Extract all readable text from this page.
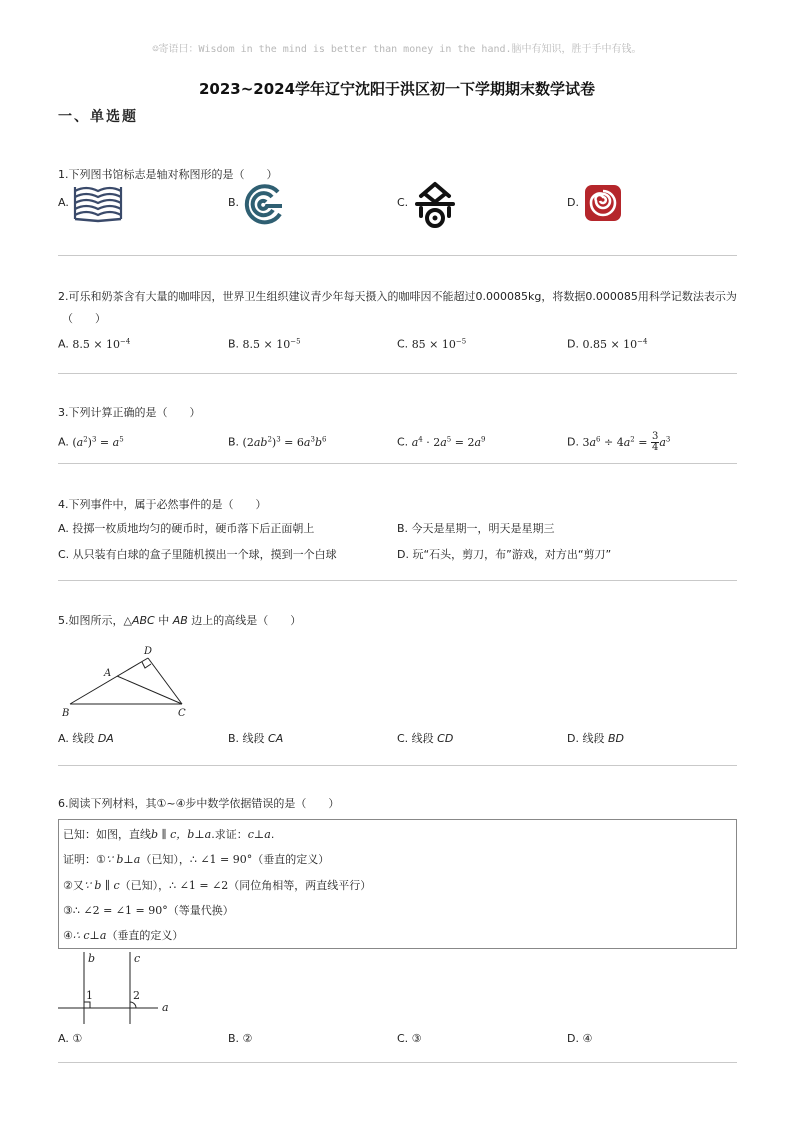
☺寄语曰：Wisdom in the mind is better than money in the hand.脑中有知识，胜于手中有钱。
2023~2024学年辽宁沈阳于洪区初一下学期期末数学试卷
一、单选题
1.下列图书馆标志是轴对称图形的是（　　）
A.	B.	C.	D.
2.可乐和奶茶含有大量的咖啡因，世界卫生组织建议青少年每天摄入的咖啡因不能超过0.000085kg，将数据0.000085用科学记数法表示为
（　　）
A. $8.5 \times 10^{-4}$	B. $8.5 \times 10^{-5}$	C. $85 \times 10^{-5}$	D. $0.85 \times 10^{-4}$
3.下列计算正确的是（　　）
A. $(a^2)^3 = a^5$	B. $(2ab^2)^3 = 6a^3b^6$	C. $a^4 \cdot 2a^5 = 2a^9$	D. $3a^6 \div 4a^2 = \frac{3}{4} a^3$
4.下列事件中，属于必然事件的是（　　）
A. 投掷一枚质地均匀的硬币时，硬币落下后正面朝上	B. 今天是星期一，明天是星期三
C. 从只装有白球的盒子里随机摸出一个球，摸到一个白球	D. 玩“石头，剪刀，布”游戏，对方出“剪刀”
5.如图所示，△ABC 中 AB 边上的高线是（　　）
A
B	C
D
A. 线段 DA	B. 线段 CA	C. 线段 CD	D. 线段 BD
6.阅读下列材料，其①~④步中数学依据错误的是（　　）
已知：如图，直线b ∥ c，b⊥a.求证：c⊥a.
证明：①∵ b⊥a（已知），∴ ∠1 = 90°（垂直的定义）
②又∵ b ∥ c（已知），∴ ∠1 = ∠2（同位角相等，两直线平行）
③∴ ∠2 = ∠1 = 90°（等量代换）
④∴ c⊥a（垂直的定义）
b	c
a
1	2
A. ①	B. ②	C. ③	D. ④
